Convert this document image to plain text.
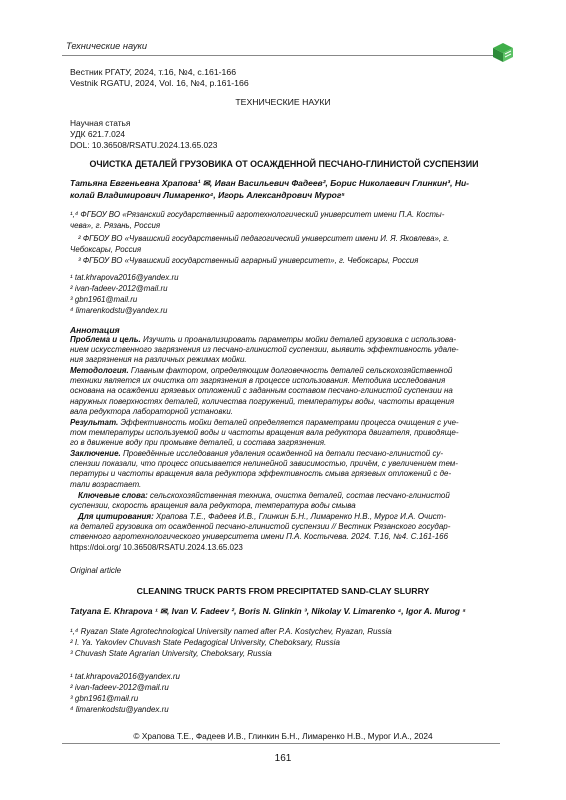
Технические науки
Вестник РГАТУ, 2024, т.16, №4, с.161-166
Vestnik RGATU, 2024, Vol. 16, №4, p.161-166
ТЕХНИЧЕСКИЕ НАУКИ
Научная статья
УДК 621.7.024
DOL: 10.36508/RSATU.2024.13.65.023
ОЧИСТКА ДЕТАЛЕЙ ГРУЗОВИКА ОТ ОСАЖДЕННОЙ ПЕСЧАНО-ГЛИНИСТОЙ СУСПЕНЗИИ
Татьяна Евгеньевна Храпова¹ ✉, Иван Васильевич Фадеев², Борис Николаевич Глинкин³, Ни-
колай Владимирович Лимаренко⁴, Игорь Александрович Мурог⁵
¹,⁴ ФГБОУ ВО «Рязанский государственный агротехнологический университет имени П.А. Косты-
чева», г. Рязань, Россия
² ФГБОУ ВО «Чувашский государственный педагогический университет имени И. Я. Яковлева», г.
Чебоксары, Россия
³ ФГБОУ ВО «Чувашский государственный аграрный университет», г. Чебоксары, Россия
¹ tat.khrapova2016@yandex.ru
² ivan-fadeev-2012@mail.ru
³ gbn1961@mail.ru
⁴ limarenkodstu@yandex.ru
Аннотация
Проблема и цель. Изучить и проанализировать параметры мойки деталей грузовика с использова-
нием искусственного загрязнения из песчано-глинистой суспензии, выявить эффективность удале-
ния загрязнения на различных режимах мойки.
Методология. Главным фактором, определяющим долговечность деталей сельскохозяйственной
техники является их очистка от загрязнения в процессе использования. Методика исследования
основана на осаждении грязевых отложений с заданным составом песчано-глинистой суспензии на
наружных поверхностях деталей, количества погружений, температуры воды, частоты вращения
вала редуктора лабораторной установки.
Результат. Эффективность мойки деталей определяется параметрами процесса очищения с уче-
том температуры используемой воды и частоты вращения вала редуктора двигателя, приводяще-
го в движение воду при промывке деталей, и состава загрязнения.
Заключение. Проведённые исследования удаления осажденной на детали песчано-глинистой су-
спензии показали, что процесс описывается нелинейной зависимостью, причём, с увеличением тем-
пературы и частоты вращения вала редуктора эффективность смыва грязевых отложений с де-
тали возрастает.
Ключевые слова: сельскохозяйственная техника, очистка деталей, состав песчано-глинистой
суспензии, скорость вращения вала редуктора, температура воды смыва
Для цитирования: Храпова Т.Е., Фадеев И.В., Глинкин Б.Н., Лимаренко Н.В., Мурог И.А. Очист-
ка деталей грузовика от осажденной песчано-глинистой суспензии // Вестник Рязанского государ-
ственного агротехнологического университета имени П.А. Костычева. 2024. Т.16, №4. С.161-166
https://doi.org/ 10.36508/RSATU.2024.13.65.023
Original article
CLEANING TRUCK PARTS FROM PRECIPITATED SAND-CLAY SLURRY
Tatyana E. Khrapova ¹ ✉, Ivan V. Fadeev ², Boris N. Glinkin ³, Nikolay V. Limarenko ⁴, Igor A. Murog ⁵
¹,⁴ Ryazan State Agrotechnological University named after P.A. Kostychev, Ryazan, Russia
² I. Ya. Yakovlev Chuvash State Pedagogical University, Cheboksary, Russia
³ Chuvash State Agrarian University, Cheboksary, Russia
¹ tat.khrapova2016@yandex.ru
² ivan-fadeev-2012@mail.ru
³ gbn1961@mail.ru
⁴ limarenkodstu@yandex.ru
© Храпова Т.Е., Фадеев И.В., Глинкин Б.Н., Лимаренко Н.В., Мурог И.А., 2024
161
